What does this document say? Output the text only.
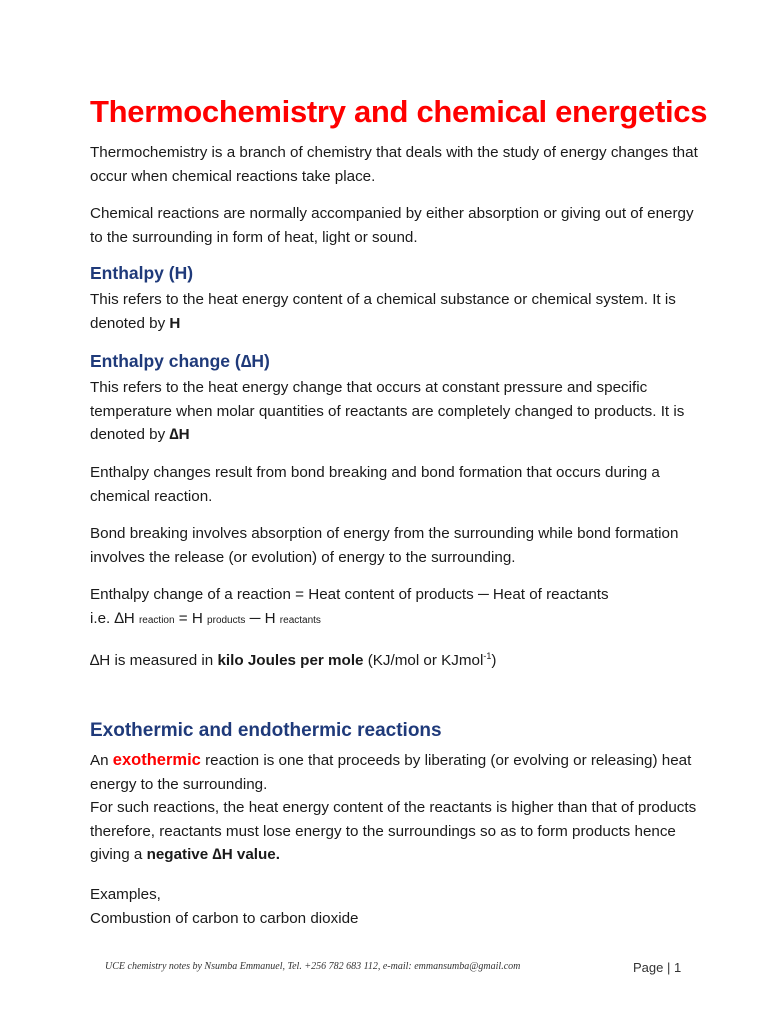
Thermochemistry and chemical energetics

Thermochemistry is a branch of chemistry that deals with the study of energy changes that
occur when chemical reactions take place.

Chemical reactions are normally accompanied by either absorption or giving out of energy
to the surrounding in form of heat, light or sound.

Enthalpy (H)

This refers to the heat energy content of a chemical substance or chemical system. It is
denoted by H

Enthalpy change (∆H)

This refers to the heat energy change that occurs at constant pressure and specific
temperature when molar quantities of reactants are completely changed to products. It is
denoted by ∆H

Enthalpy changes result from bond breaking and bond formation that occurs during a
chemical reaction.

Bond breaking involves absorption of energy from the surrounding while bond formation
involves the release (or evolution) of energy to the surrounding.

Enthalpy change of a reaction = Heat content of products ─ Heat of reactants
i.e. ∆H reaction = H products ─ H reactants

∆H is measured in kilo Joules per mole (KJ/mol or KJmol$^{-1}$)

Exothermic and endothermic reactions

An exothermic reaction is one that proceeds by liberating (or evolving or releasing) heat
energy to the surrounding.
For such reactions, the heat energy content of the reactants is higher than that of products
therefore, reactants must lose energy to the surroundings so as to form products hence
giving a negative ∆H value.

Examples,
Combustion of carbon to carbon dioxide

UCE chemistry notes by Nsumba Emmanuel, Tel. +256 782 683 112, e-mail: emmansumba@gmail.com	Page | 1
